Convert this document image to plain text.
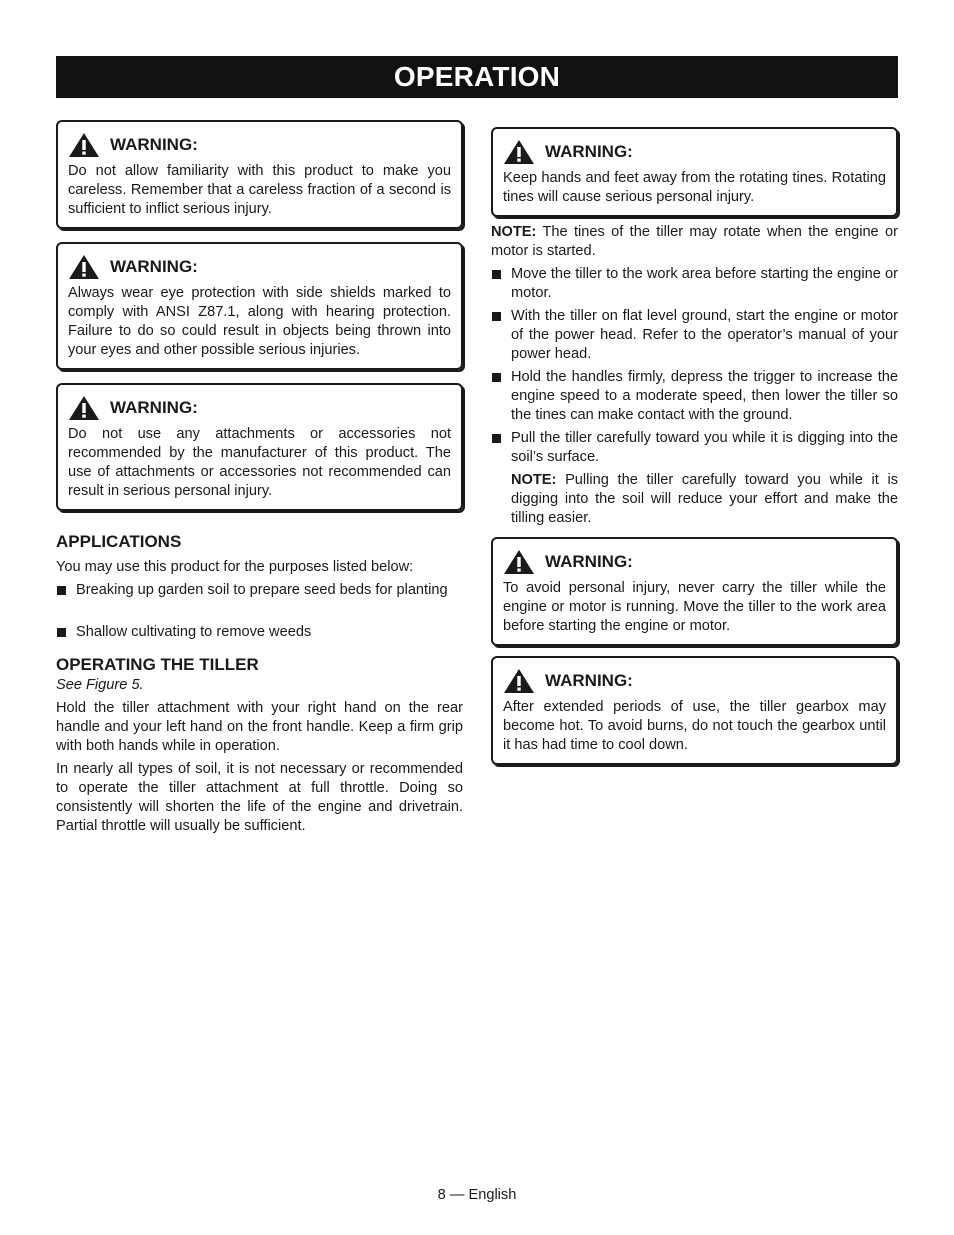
OPERATION
WARNING:
Do not allow familiarity with this product to make you careless. Remember that a careless fraction of a second is sufficient to inflict serious injury.
WARNING:
Always wear eye protection with side shields marked to comply with ANSI Z87.1, along with hearing protection. Failure to do so could result in objects being thrown into your eyes and other possible serious injuries.
WARNING:
Do not use any attachments or accessories not recommended by the manufacturer of this product. The use of attachments or accessories not recommended can result in serious personal injury.
APPLICATIONS
You may use this product for the purposes listed below:
Breaking up garden soil to prepare seed beds for planting
Shallow cultivating to remove weeds
OPERATING THE TILLER
See Figure 5.
Hold the tiller attachment with your right hand on the rear handle and your left hand on the front handle. Keep a firm grip with both hands while in operation.
In nearly all types of soil, it is not necessary or recommended to operate the tiller attachment at full throttle. Doing so consistently will shorten the life of the engine and drivetrain. Partial throttle will usually be sufficient.
WARNING:
Keep hands and feet away from the rotating tines. Rotating tines will cause serious personal injury.
NOTE: The tines of the tiller may rotate when the engine or motor is started.
Move the tiller to the work area before starting the engine or motor.
With the tiller on flat level ground, start the engine or motor of the power head. Refer to the operator’s manual of your power head.
Hold the handles firmly, depress the trigger to increase the engine speed to a moderate speed, then lower the tiller so the tines can make contact with the ground.
Pull the tiller carefully toward you while it is digging into the soil’s surface.
NOTE: Pulling the tiller carefully toward you while it is digging into the soil will reduce your effort and make the tilling easier.
WARNING:
To avoid personal injury, never carry the tiller while the engine or motor is running. Move the tiller to the work area before starting the engine or motor.
WARNING:
After extended periods of use, the tiller gearbox may become hot. To avoid burns, do not touch the gearbox until it has had time to cool down.
8 — English
